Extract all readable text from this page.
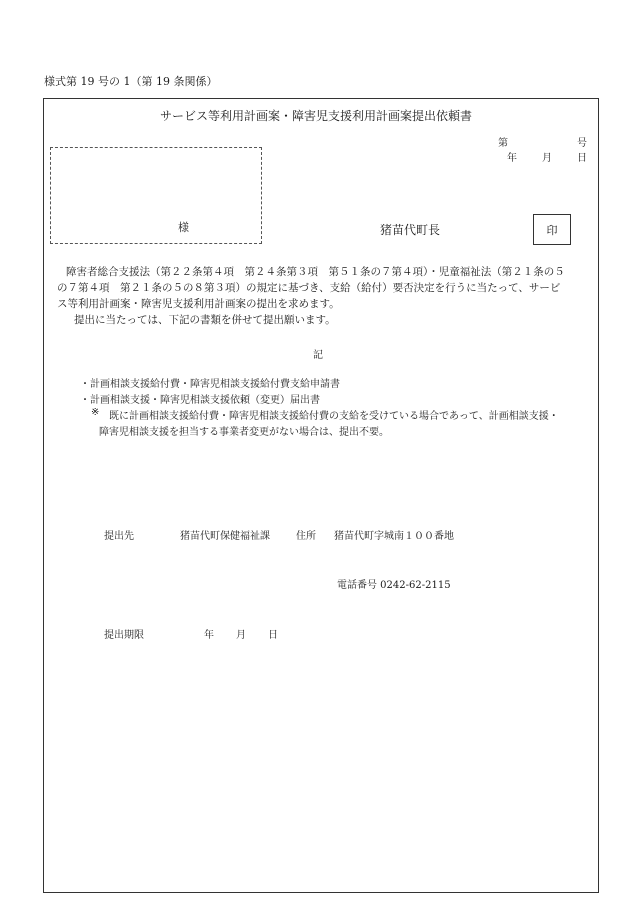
様式第 19 号の 1（第 19 条関係）
サービス等利用計画案・障害児支援利用計画案提出依頼書
第	号
年	月	日
様	猪苗代町長	印
障害者総合支援法（第２２条第４項　第２４条第３項　第５１条の７第４項）・児童福祉法（第２１条の５
の７第４項　第２１条の５の８第３項）の規定に基づき、支給（給付）要否決定を行うに当たって、サービ
ス等利用計画案・障害児支援利用計画案の提出を求めます。
提出に当たっては、下記の書類を併せて提出願います。
記
・計画相談支援給付費・障害児相談支援給付費支給申請書
・計画相談支援・障害児相談支援依頼（変更）届出書
※ 既に計画相談支援給付費・障害児相談支援給付費の支給を受けている場合であって、計画相談支援・
障害児相談支援を担当する事業者変更がない場合は、提出不要。
提出先	猪苗代町保健福祉課	住所 猪苗代町字城南１００番地
電話番号 0242-62-2115
提出期限	年 月 日
